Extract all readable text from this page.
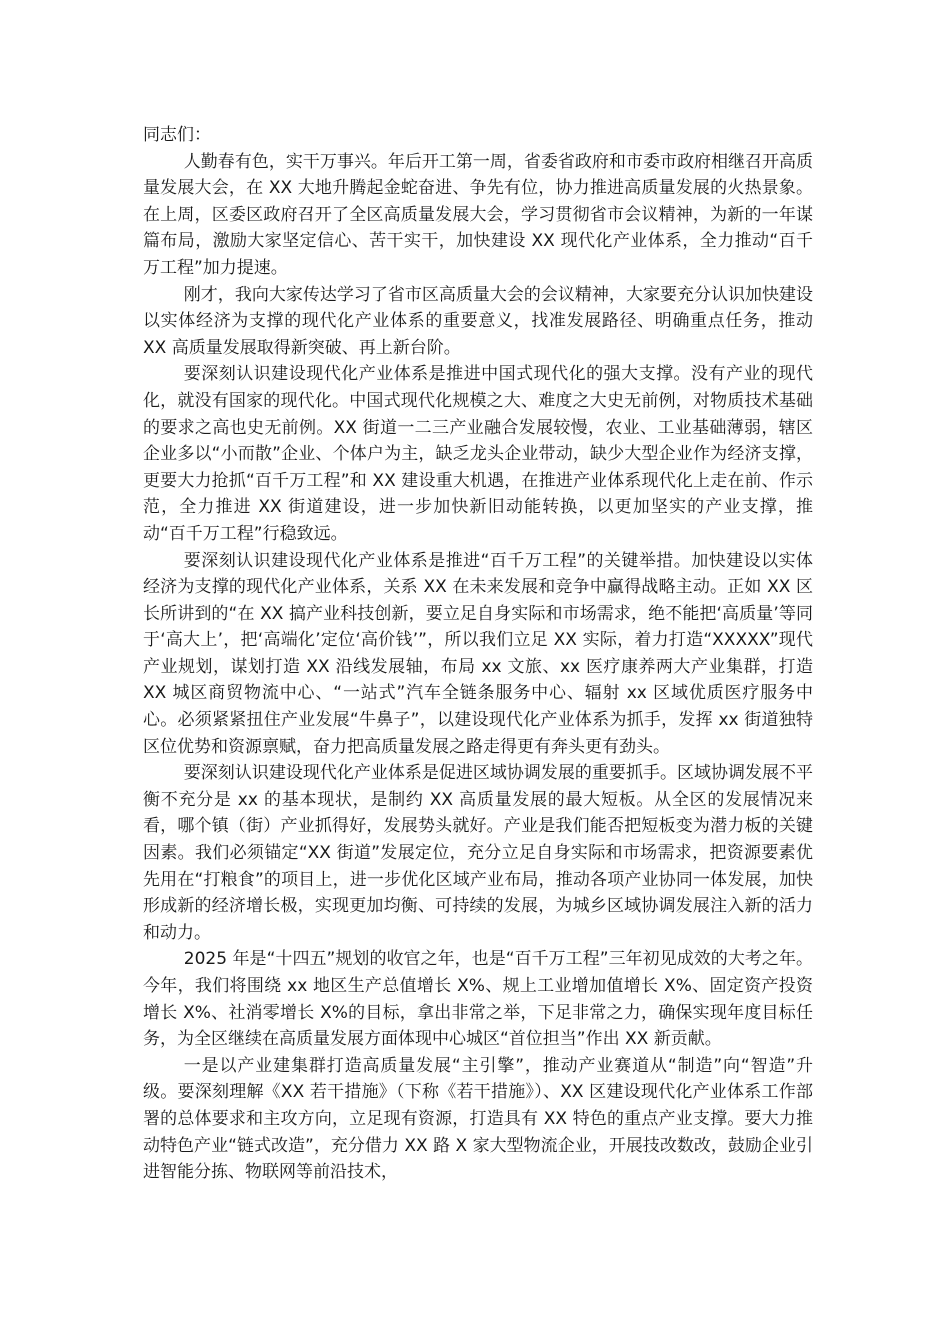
同志们：

人勤春有色，实干万事兴。年后开工第一周，省委省政府和市委市政府相继召开高质量发展大会，在 XX 大地升腾起金蛇奋进、争先有位，协力推进高质量发展的火热景象。在上周，区委区政府召开了全区高质量发展大会，学习贯彻省市会议精神，为新的一年谋篇布局，激励大家坚定信心、苦干实干，加快建设 XX 现代化产业体系，全力推动“百千万工程”加力提速。

刚才，我向大家传达学习了省市区高质量大会的会议精神，大家要充分认识加快建设以实体经济为支撑的现代化产业体系的重要意义，找准发展路径、明确重点任务，推动 XX 高质量发展取得新突破、再上新台阶。

要深刻认识建设现代化产业体系是推进中国式现代化的强大支撑。没有产业的现代化，就没有国家的现代化。中国式现代化规模之大、难度之大史无前例，对物质技术基础的要求之高也史无前例。XX 街道一二三产业融合发展较慢，农业、工业基础薄弱，辖区企业多以“小而散”企业、个体户为主，缺乏龙头企业带动，缺少大型企业作为经济支撑，更要大力抢抓“百千万工程”和 XX 建设重大机遇，在推进产业体系现代化上走在前、作示范，全力推进 XX 街道建设，进一步加快新旧动能转换，以更加坚实的产业支撑，推动“百千万工程”行稳致远。

要深刻认识建设现代化产业体系是推进“百千万工程”的关键举措。加快建设以实体经济为支撑的现代化产业体系，关系 XX 在未来发展和竞争中赢得战略主动。正如 XX 区长所讲到的“在 XX 搞产业科技创新，要立足自身实际和市场需求，绝不能把‘高质量’等同于‘高大上’，把‘高端化’定位‘高价钱’”，所以我们立足 XX 实际，着力打造“XXXXX”现代产业规划，谋划打造 XX 沿线发展轴，布局 xx 文旅、xx 医疗康养两大产业集群，打造 XX 城区商贸物流中心、“一站式”汽车全链条服务中心、辐射 xx 区域优质医疗服务中心。必须紧紧扭住产业发展“牛鼻子”，以建设现代化产业体系为抓手，发挥 xx 街道独特区位优势和资源禀赋，奋力把高质量发展之路走得更有奔头更有劲头。

要深刻认识建设现代化产业体系是促进区域协调发展的重要抓手。区域协调发展不平衡不充分是 xx 的基本现状，是制约 XX 高质量发展的最大短板。从全区的发展情况来看，哪个镇（街）产业抓得好，发展势头就好。产业是我们能否把短板变为潜力板的关键因素。我们必须锚定“XX 街道”发展定位，充分立足自身实际和市场需求，把资源要素优先用在“打粮食”的项目上，进一步优化区域产业布局，推动各项产业协同一体发展，加快形成新的经济增长极，实现更加均衡、可持续的发展，为城乡区域协调发展注入新的活力和动力。

2025 年是“十四五”规划的收官之年，也是“百千万工程”三年初见成效的大考之年。今年，我们将围绕 xx 地区生产总值增长 X%、规上工业增加值增长 X%、固定资产投资增长 X%、社消零增长 X%的目标，拿出非常之举，下足非常之力，确保实现年度目标任务，为全区继续在高质量发展方面体现中心城区“首位担当”作出 XX 新贡献。

一是以产业建集群打造高质量发展“主引擎”，推动产业赛道从“制造”向“智造”升级。要深刻理解《XX 若干措施》（下称《若干措施》）、XX 区建设现代化产业体系工作部署的总体要求和主攻方向，立足现有资源，打造具有 XX 特色的重点产业支撑。要大力推动特色产业“链式改造”，充分借力 XX 路 X 家大型物流企业，开展技改数改，鼓励企业引进智能分拣、物联网等前沿技术，
